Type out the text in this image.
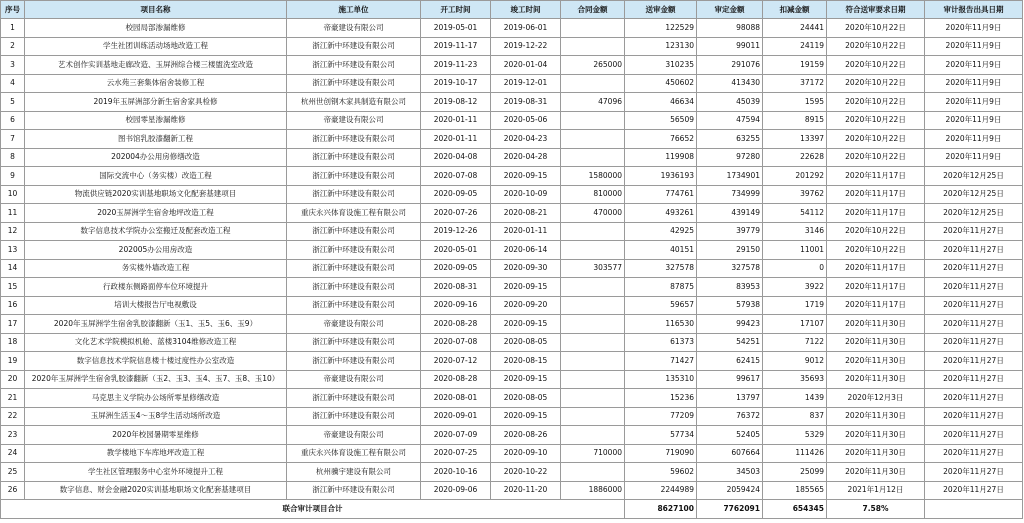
序号	项目名称	施工单位	开工时间	竣工时间	合同金额	送审金额	审定金额	扣减金额	符合送审要求日期	审计报告出具日期
1	校园局部渗漏维修	帝豪建设有限公司	2019-05-01	2019-06-01		122529	98088	24441	2020年10月22日	2020年11月9日
2	学生社团训练活动场地改造工程	浙江新中环建设有限公司	2019-11-17	2019-12-22		123130	99011	24119	2020年10月22日	2020年11月9日
3	艺术创作实训基地走廊改造、玉屏洲综合楼三楼盥洗室改造	浙江新中环建设有限公司	2019-11-23	2020-01-04	265000	310235	291076	19159	2020年10月22日	2020年11月9日
4	云水苑三套集体宿舍装修工程	浙江新中环建设有限公司	2019-10-17	2019-12-01		450602	413430	37172	2020年10月22日	2020年11月9日
5	2019年玉屏洲部分新生宿舍家具检修	杭州世创钢木家具制造有限公司	2019-08-12	2019-08-31	47096	46634	45039	1595	2020年10月22日	2020年11月9日
6	校园零星渗漏维修	帝豪建设有限公司	2020-01-11	2020-05-06		56509	47594	8915	2020年10月22日	2020年11月9日
7	图书馆乳胶漆翻新工程	浙江新中环建设有限公司	2020-01-11	2020-04-23		76652	63255	13397	2020年10月22日	2020年11月9日
8	202004办公用房修缮改造	浙江新中环建设有限公司	2020-04-08	2020-04-28		119908	97280	22628	2020年10月22日	2020年11月9日
9	国际交流中心（务实楼）改造工程	浙江新中环建设有限公司	2020-07-08	2020-09-15	1580000	1936193	1734901	201292	2020年11月17日	2020年12月25日
10	物流供应链2020实训基地职场文化配套基建项目	浙江新中环建设有限公司	2020-09-05	2020-10-09	810000	774761	734999	39762	2020年11月17日	2020年12月25日
11	2020玉屏洲学生宿舍地坪改造工程	重庆永兴体育设施工程有限公司	2020-07-26	2020-08-21	470000	493261	439149	54112	2020年11月17日	2020年12月25日
12	数字信息技术学院办公室搬迁及配套改造工程	浙江新中环建设有限公司	2019-12-26	2020-01-11		42925	39779	3146	2020年10月22日	2020年11月27日
13	202005办公用房改造	浙江新中环建设有限公司	2020-05-01	2020-06-14		40151	29150	11001	2020年10月22日	2020年11月27日
14	务实楼外墙改造工程	浙江新中环建设有限公司	2020-09-05	2020-09-30	303577	327578	327578	0	2020年11月17日	2020年11月27日
15	行政楼东侧路面停车位环境提升	浙江新中环建设有限公司	2020-08-31	2020-09-15		87875	83953	3922	2020年11月17日	2020年11月27日
16	培训大楼报告厅电视敷设	浙江新中环建设有限公司	2020-09-16	2020-09-20		59657	57938	1719	2020年11月17日	2020年11月27日
17	2020年玉屏洲学生宿舍乳胶漆翻新（玉1、玉5、玉6、玉9）	帝豪建设有限公司	2020-08-28	2020-09-15		116530	99423	17107	2020年11月30日	2020年11月27日
18	文化艺术学院模拟机舱、蓝楼3104维修改造工程	浙江新中环建设有限公司	2020-07-08	2020-08-05		61373	54251	7122	2020年11月30日	2020年11月27日
19	数字信息技术学院信息楼十楼过度性办公室改造	浙江新中环建设有限公司	2020-07-12	2020-08-15		71427	62415	9012	2020年11月30日	2020年11月27日
20	2020年玉屏洲学生宿舍乳胶漆翻新（玉2、玉3、玉4、玉7、玉8、玉10）	帝豪建设有限公司	2020-08-28	2020-09-15		135310	99617	35693	2020年11月30日	2020年11月27日
21	马克思主义学院办公场所零星修缮改造	浙江新中环建设有限公司	2020-08-01	2020-08-05		15236	13797	1439	2020年12月3日	2020年11月27日
22	玉屏洲生活玉4～玉8学生活动场所改造	浙江新中环建设有限公司	2020-09-01	2020-09-15		77209	76372	837	2020年11月30日	2020年11月27日
23	2020年校园暑期零星维修	帝豪建设有限公司	2020-07-09	2020-08-26		57734	52405	5329	2020年11月30日	2020年11月27日
24	教学楼地下车库地坪改造工程	重庆永兴体育设施工程有限公司	2020-07-25	2020-09-10	710000	719090	607664	111426	2020年11月30日	2020年11月27日
25	学生社区管理服务中心室外环境提升工程	杭州骥宇建设有限公司	2020-10-16	2020-10-22		59602	34503	25099	2020年11月30日	2020年11月27日
26	数字信息、财会金融2020实训基地职场文化配套基建项目	浙江新中环建设有限公司	2020-09-06	2020-11-20	1886000	2244989	2059424	185565	2021年1月12日	2020年11月27日
联合审计项目合计						8627100	7762091	654345	7.58%	
